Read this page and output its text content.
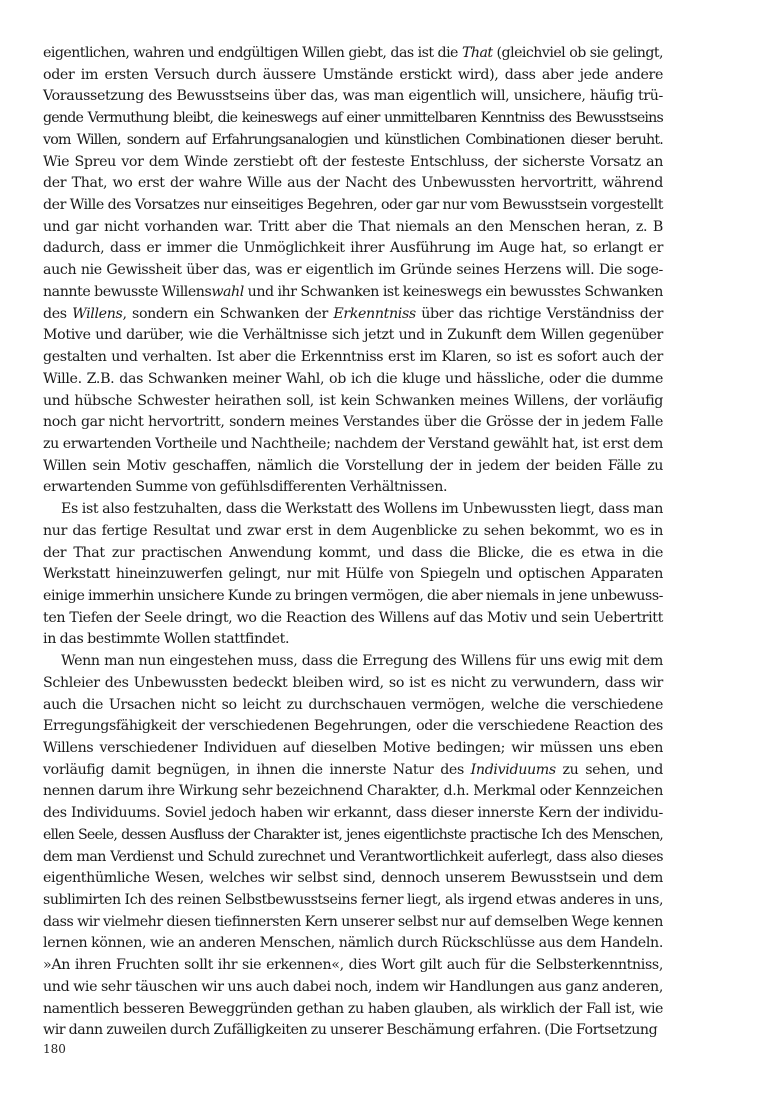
eigentlichen, wahren und endgültigen Willen giebt, das ist die That (gleichviel ob sie gelingt,
oder im ersten Versuch durch äussere Umstände erstickt wird), dass aber jede andere
Voraussetzung des Bewusstseins über das, was man eigentlich will, unsichere, häufig trü-
gende Vermuthung bleibt, die keineswegs auf einer unmittelbaren Kenntniss des Bewusstseins
vom Willen, sondern auf Erfahrungsanalogien und künstlichen Combinationen dieser beruht.
Wie Spreu vor dem Winde zerstiebt oft der festeste Entschluss, der sicherste Vorsatz an
der That, wo erst der wahre Wille aus der Nacht des Unbewussten hervortritt, während
der Wille des Vorsatzes nur einseitiges Begehren, oder gar nur vom Bewusstsein vorgestellt
und gar nicht vorhanden war. Tritt aber die That niemals an den Menschen heran, z. B
dadurch, dass er immer die Unmöglichkeit ihrer Ausführung im Auge hat, so erlangt er
auch nie Gewissheit über das, was er eigentlich im Gründe seines Herzens will. Die soge-
nannte bewusste Willenswahl und ihr Schwanken ist keineswegs ein bewusstes Schwanken
des Willens, sondern ein Schwanken der Erkenntniss über das richtige Verständniss der
Motive und darüber, wie die Verhältnisse sich jetzt und in Zukunft dem Willen gegenüber
gestalten und verhalten. Ist aber die Erkenntniss erst im Klaren, so ist es sofort auch der
Wille. Z.B. das Schwanken meiner Wahl, ob ich die kluge und hässliche, oder die dumme
und hübsche Schwester heirathen soll, ist kein Schwanken meines Willens, der vorläufig
noch gar nicht hervortritt, sondern meines Verstandes über die Grösse der in jedem Falle
zu erwartenden Vortheile und Nachtheile; nachdem der Verstand gewählt hat, ist erst dem
Willen sein Motiv geschaffen, nämlich die Vorstellung der in jedem der beiden Fälle zu
erwartenden Summe von gefühlsdifferenten Verhältnissen.
Es ist also festzuhalten, dass die Werkstatt des Wollens im Unbewussten liegt, dass man
nur das fertige Resultat und zwar erst in dem Augenblicke zu sehen bekommt, wo es in
der That zur practischen Anwendung kommt, und dass die Blicke, die es etwa in die
Werkstatt hineinzuwerfen gelingt, nur mit Hülfe von Spiegeln und optischen Apparaten
einige immerhin unsichere Kunde zu bringen vermögen, die aber niemals in jene unbewuss-
ten Tiefen der Seele dringt, wo die Reaction des Willens auf das Motiv und sein Uebertritt
in das bestimmte Wollen stattfindet.
Wenn man nun eingestehen muss, dass die Erregung des Willens für uns ewig mit dem
Schleier des Unbewussten bedeckt bleiben wird, so ist es nicht zu verwundern, dass wir
auch die Ursachen nicht so leicht zu durchschauen vermögen, welche die verschiedene
Erregungsfähigkeit der verschiedenen Begehrungen, oder die verschiedene Reaction des
Willens verschiedener Individuen auf dieselben Motive bedingen; wir müssen uns eben
vorläufig damit begnügen, in ihnen die innerste Natur des Individuums zu sehen, und
nennen darum ihre Wirkung sehr bezeichnend Charakter, d.h. Merkmal oder Kennzeichen
des Individuums. Soviel jedoch haben wir erkannt, dass dieser innerste Kern der individu-
ellen Seele, dessen Ausfluss der Charakter ist, jenes eigentlichste practische Ich des Menschen,
dem man Verdienst und Schuld zurechnet und Verantwortlichkeit auferlegt, dass also dieses
eigenthümliche Wesen, welches wir selbst sind, dennoch unserem Bewusstsein und dem
sublimirten Ich des reinen Selbstbewusstseins ferner liegt, als irgend etwas anderes in uns,
dass wir vielmehr diesen tiefinnersten Kern unserer selbst nur auf demselben Wege kennen
lernen können, wie an anderen Menschen, nämlich durch Rückschlüsse aus dem Handeln.
»An ihren Fruchten sollt ihr sie erkennen«, dies Wort gilt auch für die Selbsterkenntniss,
und wie sehr täuschen wir uns auch dabei noch, indem wir Handlungen aus ganz anderen,
namentlich besseren Beweggründen gethan zu haben glauben, als wirklich der Fall ist, wie
wir dann zuweilen durch Zufälligkeiten zu unserer Beschämung erfahren. (Die Fortsetzung
180
